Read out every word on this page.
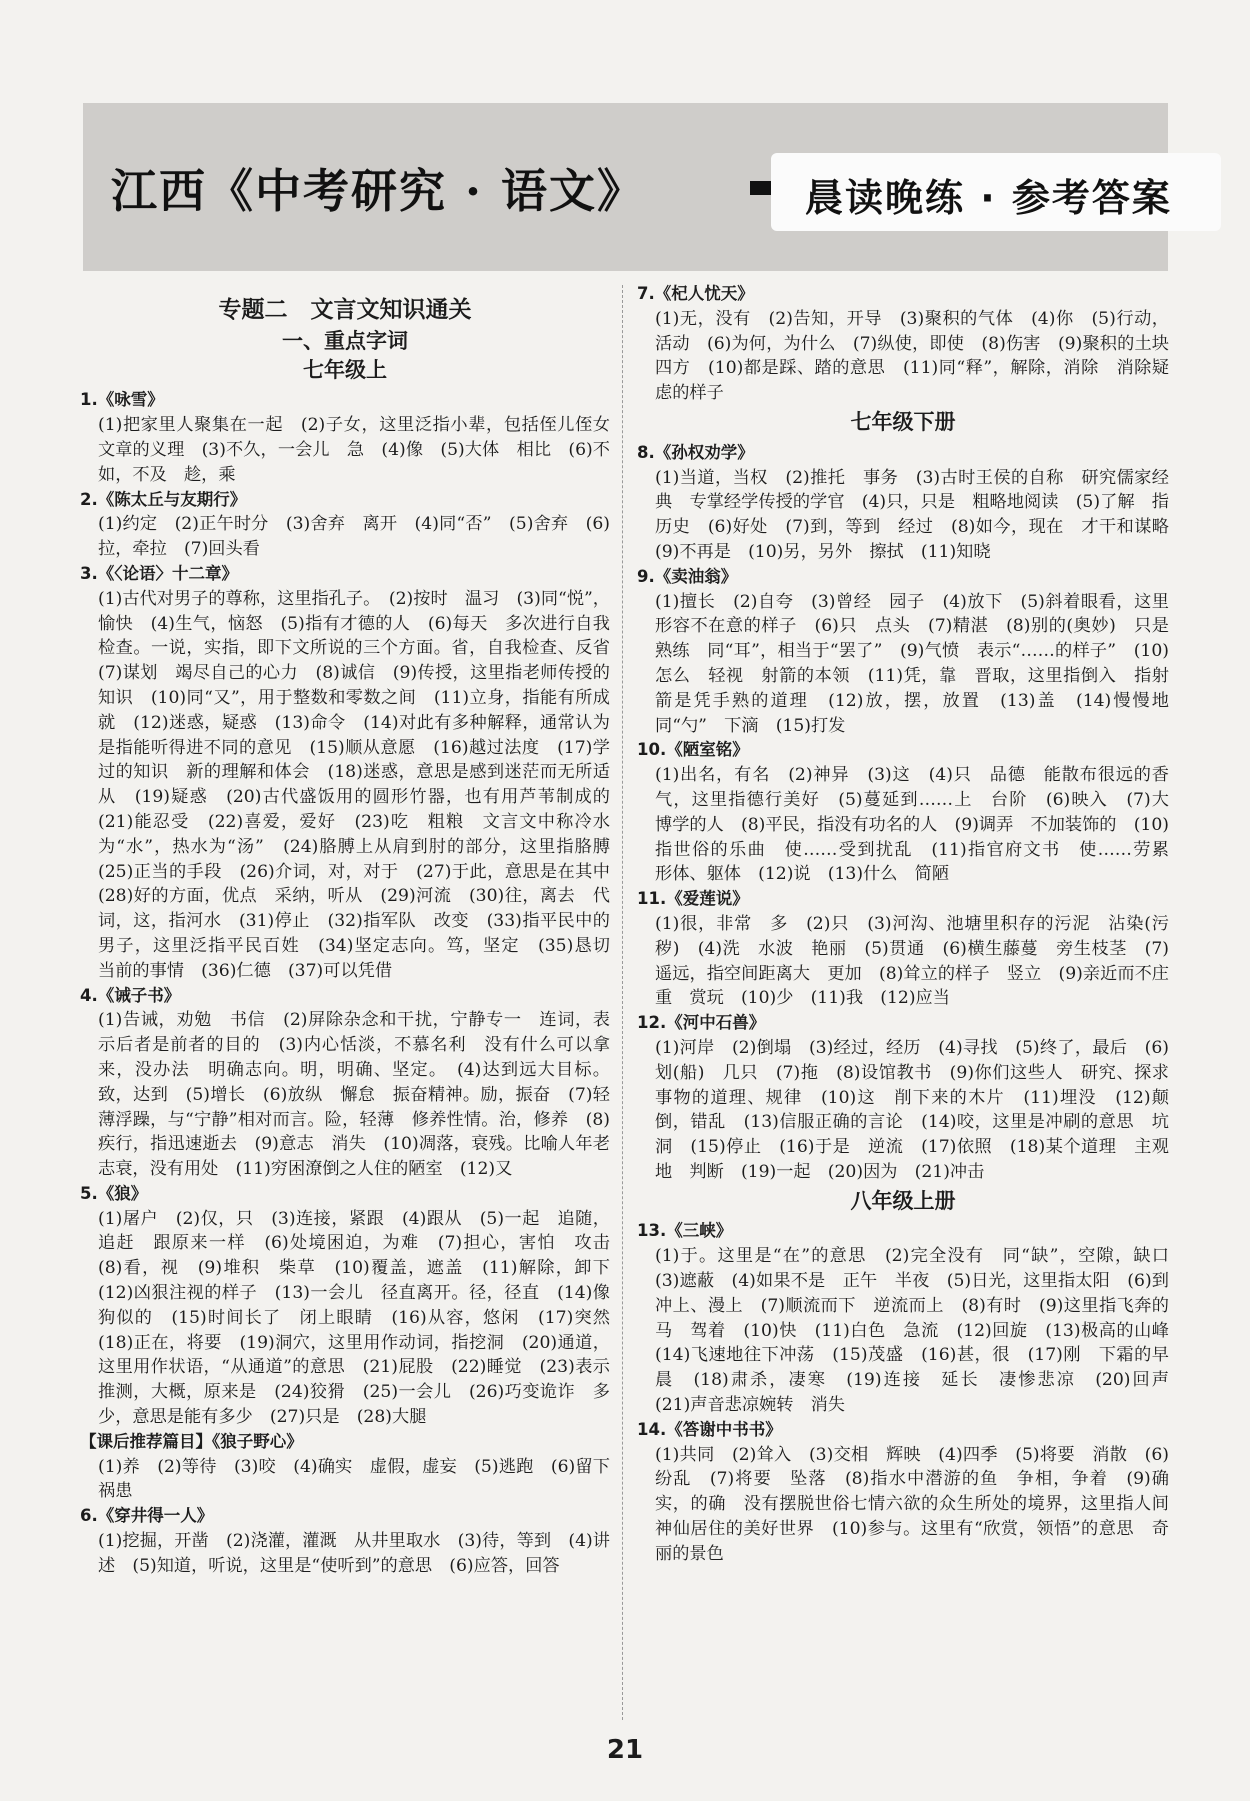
江西《中考研究 · 语文》	晨读晚练 · 参考答案
专题二　文言文知识通关
一、重点字词
七年级上
1.《咏雪》
(1)把家里人聚集在一起　(2)子女，这里泛指小辈，包括侄儿侄女　文章的义理　(3)不久，一会儿　急　(4)像　(5)大体　相比　(6)不如，不及　趁，乘
2.《陈太丘与友期行》
(1)约定　(2)正午时分　(3)舍弃　离开　(4)同“否”　(5)舍弃　(6)拉，牵拉　(7)回头看
3.《〈论语〉十二章》
(1)古代对男子的尊称，这里指孔子。　(2)按时　温习　(3)同“悦”，愉快　(4)生气，恼怒　(5)指有才德的人　(6)每天　多次进行自我检查。一说，实指，即下文所说的三个方面。省，自我检查、反省　(7)谋划　竭尽自己的心力　(8)诚信　(9)传授，这里指老师传授的知识　(10)同“又”，用于整数和零数之间　(11)立身，指能有所成就　(12)迷惑，疑惑　(13)命令　(14)对此有多种解释，通常认为是指能听得进不同的意见　(15)顺从意愿　(16)越过法度　(17)学过的知识　新的理解和体会　(18)迷惑，意思是感到迷茫而无所适从　(19)疑惑　(20)古代盛饭用的圆形竹器，也有用芦苇制成的　(21)能忍受　(22)喜爱，爱好　(23)吃　粗粮　文言文中称冷水为“水”，热水为“汤”　(24)胳膊上从肩到肘的部分，这里指胳膊　(25)正当的手段　(26)介词，对，对于　(27)于此，意思是在其中　(28)好的方面，优点　采纳，听从　(29)河流　(30)往，离去　代词，这，指河水　(31)停止　(32)指军队　改变　(33)指平民中的男子，这里泛指平民百姓　(34)坚定志向。笃，坚定　(35)恳切　当前的事情　(36)仁德　(37)可以凭借
4.《诫子书》
(1)告诫，劝勉　书信　(2)屏除杂念和干扰，宁静专一　连词，表示后者是前者的目的　(3)内心恬淡，不慕名利　没有什么可以拿来，没办法　明确志向。明，明确、坚定。　(4)达到远大目标。致，达到　(5)增长　(6)放纵　懈怠　振奋精神。励，振奋　(7)轻薄浮躁，与“宁静”相对而言。险，轻薄　修养性情。治，修养　(8)疾行，指迅速逝去　(9)意志　消失　(10)凋落，衰残。比喻人年老志衰，没有用处　(11)穷困潦倒之人住的陋室　(12)又
5.《狼》
(1)屠户　(2)仅，只　(3)连接，紧跟　(4)跟从　(5)一起　追随，追赶　跟原来一样　(6)处境困迫，为难　(7)担心，害怕　攻击　(8)看，视　(9)堆积　柴草　(10)覆盖，遮盖　(11)解除，卸下　(12)凶狠注视的样子　(13)一会儿　径直离开。径，径直　(14)像狗似的　(15)时间长了　闭上眼睛　(16)从容，悠闲　(17)突然　(18)正在，将要　(19)洞穴，这里用作动词，指挖洞　(20)通道，这里用作状语，“从通道”的意思　(21)屁股　(22)睡觉　(23)表示推测，大概，原来是　(24)狡猾　(25)一会儿　(26)巧变诡诈　多少，意思是能有多少　(27)只是　(28)大腿
【课后推荐篇目】《狼子野心》
(1)养　(2)等待　(3)咬　(4)确实　虚假，虚妄　(5)逃跑　(6)留下　祸患
6.《穿井得一人》
(1)挖掘，开凿　(2)浇灌，灌溉　从井里取水　(3)待，等到　(4)讲述　(5)知道，听说，这里是“使听到”的意思　(6)应答，回答
7.《杞人忧天》
(1)无，没有　(2)告知，开导　(3)聚积的气体　(4)你　(5)行动，活动　(6)为何，为什么　(7)纵使，即使　(8)伤害　(9)聚积的土块　四方　(10)都是踩、踏的意思　(11)同“释”，解除，消除　消除疑虑的样子
七年级下册
8.《孙权劝学》
(1)当道，当权　(2)推托　事务　(3)古时王侯的自称　研究儒家经典　专掌经学传授的学官　(4)只，只是　粗略地阅读　(5)了解　指历史　(6)好处　(7)到，等到　经过　(8)如今，现在　才干和谋略　(9)不再是　(10)另，另外　擦拭　(11)知晓
9.《卖油翁》
(1)擅长　(2)自夸　(3)曾经　园子　(4)放下　(5)斜着眼看，这里形容不在意的样子　(6)只　点头　(7)精湛　(8)别的(奥妙)　只是　熟练　同“耳”，相当于“罢了”　(9)气愤　表示“……的样子”　(10)怎么　轻视　射箭的本领　(11)凭，靠　晋取，这里指倒入　指射箭是凭手熟的道理　(12)放，摆，放置　(13)盖　(14)慢慢地　同“勺”　下滴　(15)打发
10.《陋室铭》
(1)出名，有名　(2)神异　(3)这　(4)只　品德　能散布很远的香气，这里指德行美好　(5)蔓延到……上　台阶　(6)映入　(7)大　博学的人　(8)平民，指没有功名的人　(9)调弄　不加装饰的　(10)指世俗的乐曲　使……受到扰乱　(11)指官府文书　使……劳累　形体、躯体　(12)说　(13)什么　简陋
11.《爱莲说》
(1)很，非常　多　(2)只　(3)河沟、池塘里积存的污泥　沾染(污秽)　(4)洗　水波　艳丽　(5)贯通　(6)横生藤蔓　旁生枝茎　(7)遥远，指空间距离大　更加　(8)耸立的样子　竖立　(9)亲近而不庄重　赏玩　(10)少　(11)我　(12)应当
12.《河中石兽》
(1)河岸　(2)倒塌　(3)经过，经历　(4)寻找　(5)终了，最后　(6)划(船)　几只　(7)拖　(8)设馆教书　(9)你们这些人　研究、探求　事物的道理、规律　(10)这　削下来的木片　(11)埋没　(12)颠倒，错乱　(13)信服正确的言论　(14)咬，这里是冲刷的意思　坑洞　(15)停止　(16)于是　逆流　(17)依照　(18)某个道理　主观地　判断　(19)一起　(20)因为　(21)冲击
八年级上册
13.《三峡》
(1)于。这里是“在”的意思　(2)完全没有　同“缺”，空隙，缺口　(3)遮蔽　(4)如果不是　正午　半夜　(5)日光，这里指太阳　(6)到　冲上、漫上　(7)顺流而下　逆流而上　(8)有时　(9)这里指飞奔的马　驾着　(10)快　(11)白色　急流　(12)回旋　(13)极高的山峰　(14)飞速地往下冲荡　(15)茂盛　(16)甚，很　(17)刚　下霜的早晨　(18)肃杀，凄寒　(19)连接　延长　凄惨悲凉　(20)回声　(21)声音悲凉婉转　消失
14.《答谢中书书》
(1)共同　(2)耸入　(3)交相　辉映　(4)四季　(5)将要　消散　(6)纷乱　(7)将要　坠落　(8)指水中潜游的鱼　争相，争着　(9)确实，的确　没有摆脱世俗七情六欲的众生所处的境界，这里指人间　神仙居住的美好世界　(10)参与。这里有“欣赏，领悟”的意思　奇丽的景色
21
